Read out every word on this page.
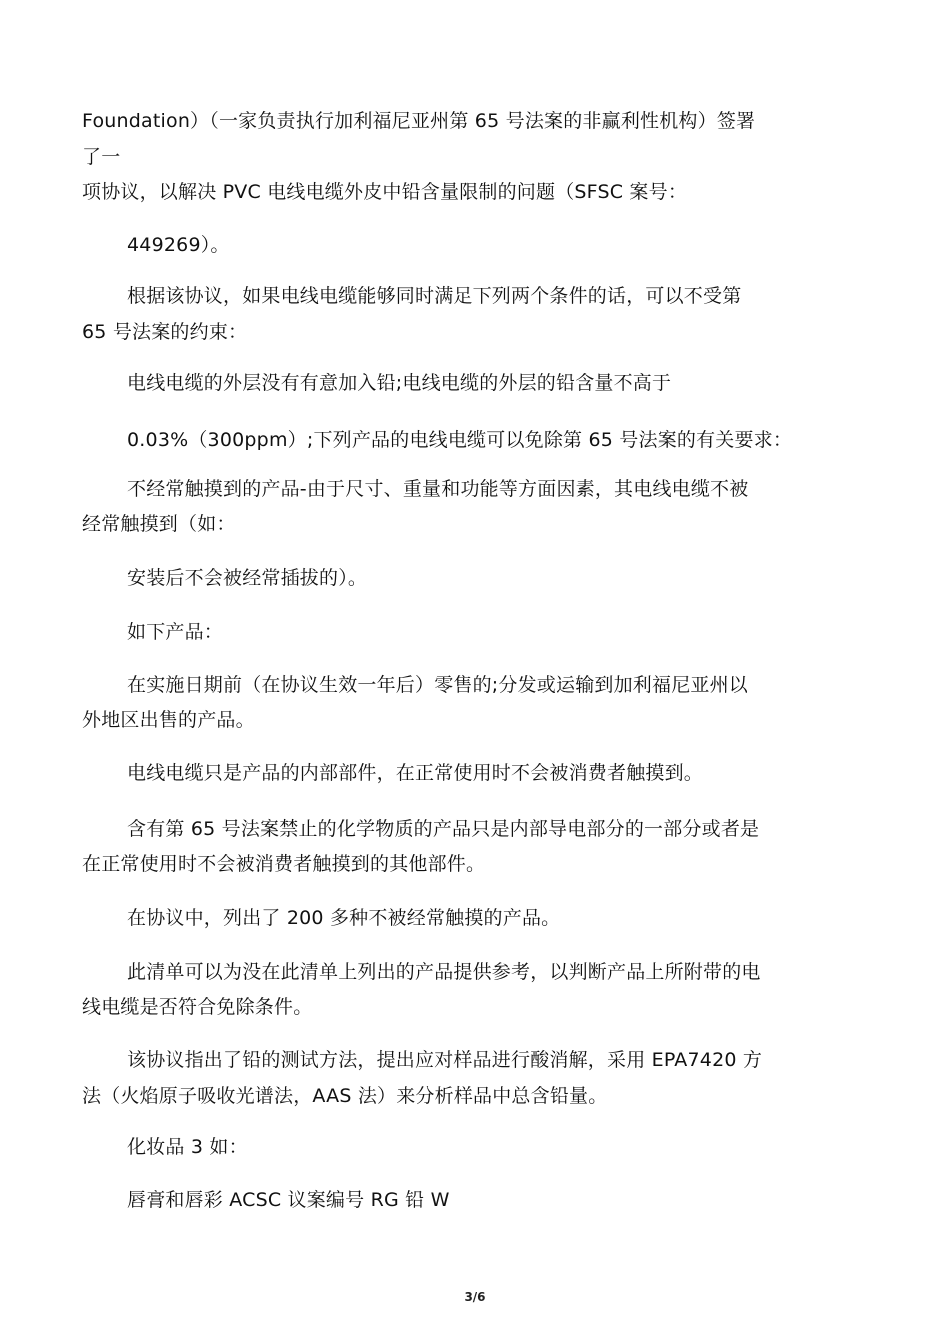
Foundation）（一家负责执行加利福尼亚州第 65 号法案的非赢利性机构）签署
了一
项协议，以解决 PVC 电线电缆外皮中铅含量限制的问题（SFSC 案号：
449269）。
根据该协议，如果电线电缆能够同时满足下列两个条件的话，可以不受第
65 号法案的约束：
电线电缆的外层没有有意加入铅;电线电缆的外层的铅含量不高于
0.03%（300ppm）;下列产品的电线电缆可以免除第 65 号法案的有关要求：
不经常触摸到的产品-由于尺寸、重量和功能等方面因素，其电线电缆不被
经常触摸到（如：
安装后不会被经常插拔的）。
如下产品：
在实施日期前（在协议生效一年后）零售的;分发或运输到加利福尼亚州以
外地区出售的产品。
电线电缆只是产品的内部部件，在正常使用时不会被消费者触摸到。
含有第 65 号法案禁止的化学物质的产品只是内部导电部分的一部分或者是
在正常使用时不会被消费者触摸到的其他部件。
在协议中，列出了 200 多种不被经常触摸的产品。
此清单可以为没在此清单上列出的产品提供参考，以判断产品上所附带的电
线电缆是否符合免除条件。
该协议指出了铅的测试方法，提出应对样品进行酸消解，采用 EPA7420 方
法（火焰原子吸收光谱法，AAS 法）来分析样品中总含铅量。
化妆品 3 如：
唇膏和唇彩 ACSC 议案编号 RG 铅 W
3/6
